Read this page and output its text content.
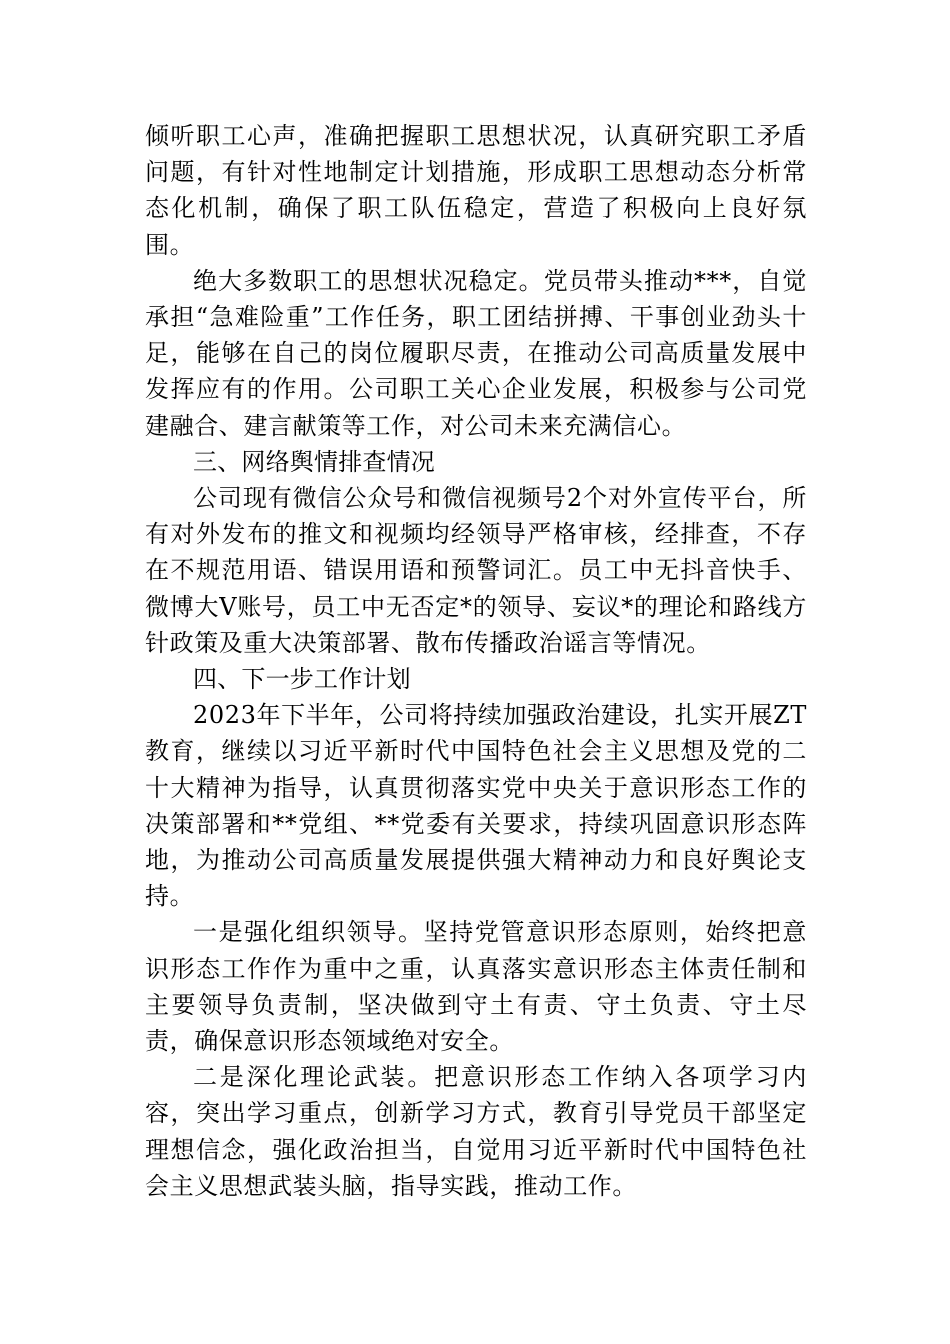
倾听职工心声，准确把握职工思想状况，认真研究职工矛盾问题，有针对性地制定计划措施，形成职工思想动态分析常态化机制，确保了职工队伍稳定，营造了积极向上良好氛围。

绝大多数职工的思想状况稳定。党员带头推动***，自觉承担“急难险重”工作任务，职工团结拼搏、干事创业劲头十足，能够在自己的岗位履职尽责，在推动公司高质量发展中发挥应有的作用。公司职工关心企业发展，积极参与公司党建融合、建言献策等工作，对公司未来充满信心。

三、网络舆情排查情况

公司现有微信公众号和微信视频号2个对外宣传平台，所有对外发布的推文和视频均经领导严格审核，经排查，不存在不规范用语、错误用语和预警词汇。员工中无抖音快手、微博大V账号，员工中无否定*的领导、妄议*的理论和路线方针政策及重大决策部署、散布传播政治谣言等情况。

四、下一步工作计划

2023年下半年，公司将持续加强政治建设，扎实开展ZT教育，继续以习近平新时代中国特色社会主义思想及党的二十大精神为指导，认真贯彻落实党中央关于意识形态工作的决策部署和**党组、**党委有关要求，持续巩固意识形态阵地，为推动公司高质量发展提供强大精神动力和良好舆论支持。

一是强化组织领导。坚持党管意识形态原则，始终把意识形态工作作为重中之重，认真落实意识形态主体责任制和主要领导负责制，坚决做到守土有责、守土负责、守土尽责，确保意识形态领域绝对安全。

二是深化理论武装。把意识形态工作纳入各项学习内容，突出学习重点，创新学习方式，教育引导党员干部坚定理想信念，强化政治担当，自觉用习近平新时代中国特色社会主义思想武装头脑，指导实践，推动工作。
